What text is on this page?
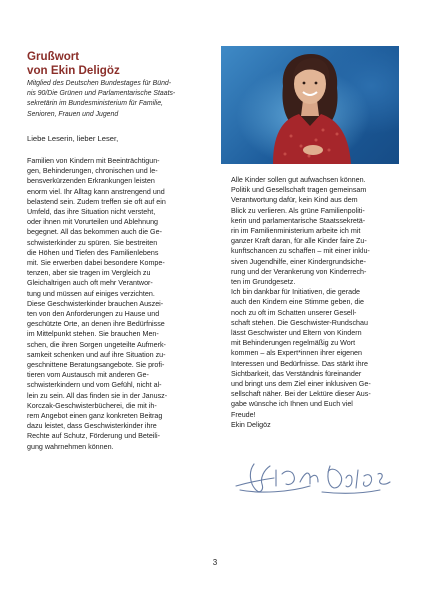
Grußwort
von Ekin Deligöz
Mitglied des Deutschen Bundestages für Bünd-
nis 90/Die Grünen und Parlamentarische Staats-
sekretärin im Bundesministerium für Familie,
Senioren, Frauen und Jugend
Liebe Leserin, lieber Leser,
Familien von Kindern mit Beeinträchtigun-
gen, Behinderungen, chronischen und le-
bensverkürzenden Erkrankungen leisten
enorm viel. Ihr Alltag kann anstrengend und
belastend sein. Zudem treffen sie oft auf ein
Umfeld, das ihre Situation nicht versteht,
oder ihnen mit Vorurteilen und Ablehnung
begegnet. All das bekommen auch die Ge-
schwisterkinder zu spüren. Sie bestreiten
die Höhen und Tiefen des Familienlebens
mit. Sie erwerben dabei besondere Kompe-
tenzen, aber sie tragen im Vergleich zu
Gleichaltrigen auch oft mehr Verantwor-
tung und müssen auf einiges verzichten.
Diese Geschwisterkinder brauchen Auszei-
ten von den Anforderungen zu Hause und
geschützte Orte, an denen ihre Bedürfnisse
im Mittelpunkt stehen. Sie brauchen Men-
schen, die ihren Sorgen ungeteilte Aufmerk-
samkeit schenken und auf ihre Situation zu-
geschnittene Beratungsangebote. Sie profi-
tieren vom Austausch mit anderen Ge-
schwisterkindern und vom Gefühl, nicht al-
lein zu sein. All das finden sie in der Janusz-
Korczak-Geschwisterbücherei, die mit ih-
rem Angebot einen ganz konkreten Beitrag
dazu leistet, dass Geschwisterkinder ihre
Rechte auf Schutz, Förderung und Beteili-
gung wahrnehmen können.
Alle Kinder sollen gut aufwachsen können.
Politik und Gesellschaft tragen gemeinsam
Verantwortung dafür, kein Kind aus dem
Blick zu verlieren. Als grüne Familienpoliti-
kerin und parlamentarische Staatssekretä-
rin im Familienministerium arbeite ich mit
ganzer Kraft daran, für alle Kinder faire Zu-
kunftschancen zu schaffen – mit einer inklu-
siven Jugendhilfe, einer Kindergrundsiche-
rung und der Verankerung von Kinderrech-
ten im Grundgesetz.
Ich bin dankbar für Initiativen, die gerade
auch den Kindern eine Stimme geben, die
noch zu oft im Schatten unserer Gesell-
schaft stehen. Die Geschwister-Rundschau
lässt Geschwister und Eltern von Kindern
mit Behinderungen regelmäßig zu Wort
kommen – als Expert*innen ihrer eigenen
Interessen und Bedürfnisse. Das stärkt ihre
Sichtbarkeit, das Verständnis füreinander
und bringt uns dem Ziel einer inklusiven Ge-
sellschaft näher. Bei der Lektüre dieser Aus-
gabe wünsche ich Ihnen und Euch viel
Freude!
Ekin Deligöz
3
